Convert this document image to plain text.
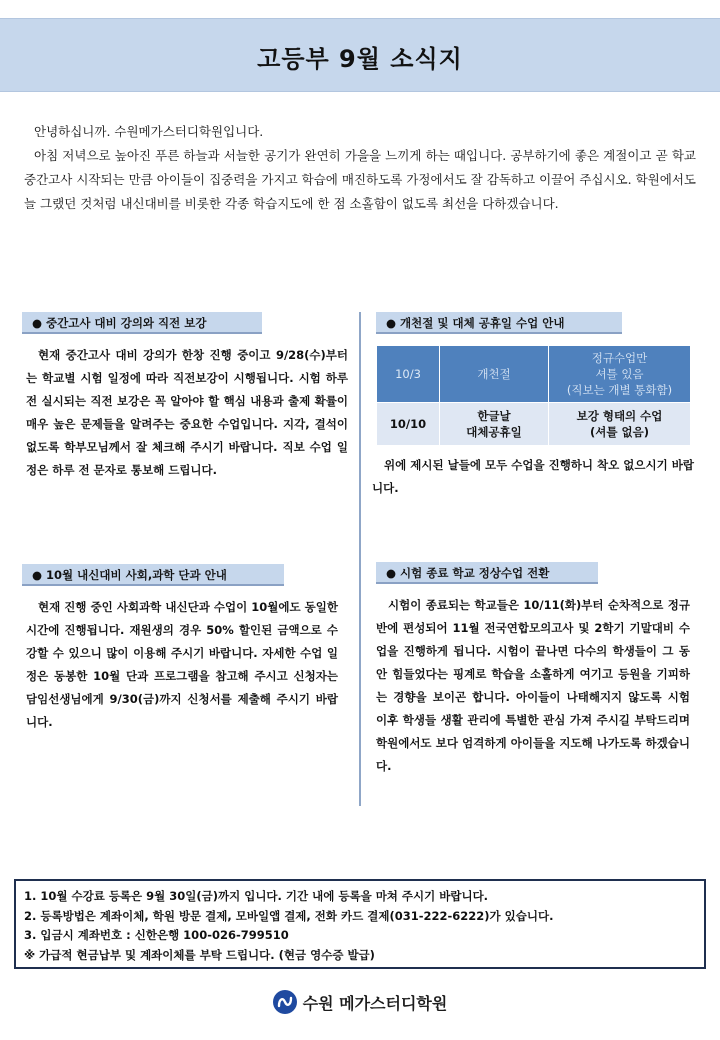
고등부 9월 소식지

안녕하십니까. 수원메가스터디학원입니다.

아침 저녁으로 높아진 푸른 하늘과 서늘한 공기가 완연히 가을을 느끼게 하는 때입니다. 공부하기에 좋은 계절이고 곧 학교 중간고사 시작되는 만큼 아이들이 집중력을 가지고 학습에 매진하도록 가정에서도 잘 감독하고 이끌어 주십시오. 학원에서도 늘 그랬던 것처럼 내신대비를 비롯한 각종 학습지도에 한 점 소홀함이 없도록 최선을 다하겠습니다.

● 중간고사 대비 강의와 직전 보강

현재 중간고사 대비 강의가 한창 진행 중이고 9/28(수)부터는 학교별 시험 일정에 따라 직전보강이 시행됩니다. 시험 하루 전 실시되는 직전 보강은 꼭 알아야 할 핵심 내용과 출제 확률이 매우 높은 문제들을 알려주는 중요한 수업입니다. 지각, 결석이 없도록 학부모님께서 잘 체크해 주시기 바랍니다. 직보 수업 일정은 하루 전 문자로 통보해 드립니다.

● 개천절 및 대체 공휴일 수업 안내
10/3	개천절	정규수업만
셔틀 있음
(직보는 개별 통화함)
10/10	한글날
대체공휴일	보강 형태의 수업
(셔틀 없음)

위에 제시된 날들에 모두 수업을 진행하니 착오 없으시기 바랍니다.

● 10월 내신대비 사회,과학 단과 안내

현재 진행 중인 사회과학 내신단과 수업이 10월에도 동일한 시간에 진행됩니다. 재원생의 경우 50% 할인된 금액으로 수강할 수 있으니 많이 이용해 주시기 바랍니다. 자세한 수업 일정은 동봉한 10월 단과 프로그램을 참고해 주시고 신청자는 담임선생님에게 9/30(금)까지 신청서를 제출해 주시기 바랍니다.

● 시험 종료 학교 정상수업 전환

시험이 종료되는 학교들은 10/11(화)부터 순차적으로 정규반에 편성되어 11월 전국연합모의고사 및 2학기 기말대비 수업을 진행하게 됩니다. 시험이 끝나면 다수의 학생들이 그 동안 힘들었다는 핑계로 학습을 소홀하게 여기고 등원을 기피하는 경향을 보이곤 합니다. 아이들이 나태해지지 않도록 시험 이후 학생들 생활 관리에 특별한 관심 가져 주시길 부탁드리며 학원에서도 보다 엄격하게 아이들을 지도해 나가도록 하겠습니다.

1. 10월 수강료 등록은 9월 30일(금)까지 입니다. 기간 내에 등록을 마쳐 주시기 바랍니다.
2. 등록방법은 계좌이체, 학원 방문 결제, 모바일앱 결제, 전화 카드 결제(031-222-6222)가 있습니다.
3. 입금시 계좌번호 : 신한은행 100-026-799510
※ 가급적 현금납부 및 계좌이체를 부탁 드립니다. (현금 영수증 발급)
수원 메가스터디학원
